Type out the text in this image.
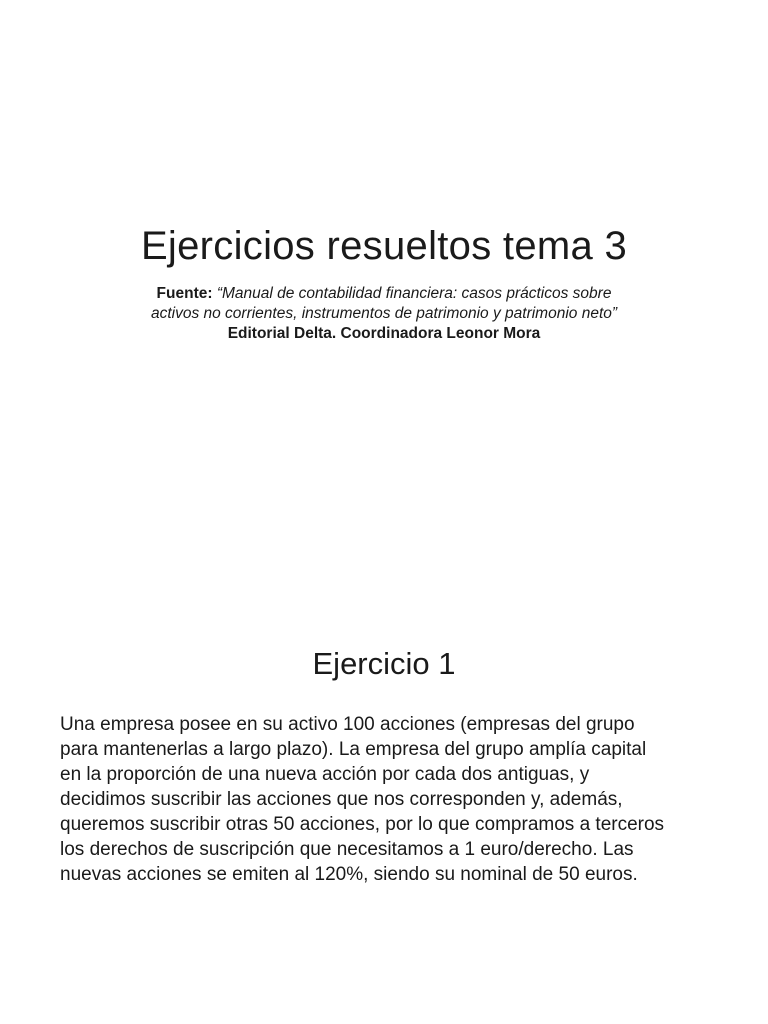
Ejercicios resueltos tema 3

Fuente: “Manual de contabilidad financiera: casos prácticos sobre
activos no corrientes, instrumentos de patrimonio y patrimonio neto”
Editorial Delta. Coordinadora Leonor Mora

Ejercicio 1

Una empresa posee en su activo 100 acciones (empresas del grupo
para mantenerlas a largo plazo). La empresa del grupo amplía capital
en la proporción de una nueva acción por cada dos antiguas, y
decidimos suscribir las acciones que nos corresponden y, además,
queremos suscribir otras 50 acciones, por lo que compramos a terceros
los derechos de suscripción que necesitamos a 1 euro/derecho. Las
nuevas acciones se emiten al 120%, siendo su nominal de 50 euros.
